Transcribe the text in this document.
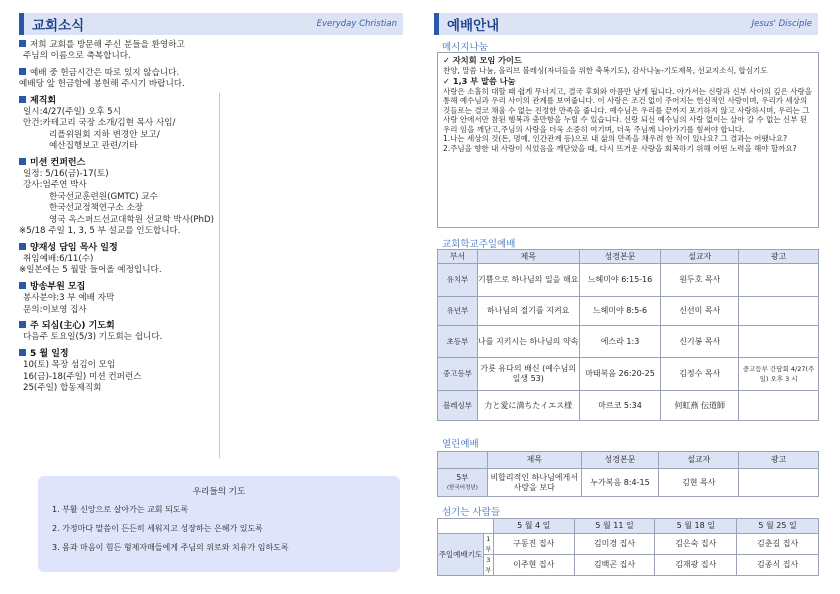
교회소식	Everyday Christian
저희 교회를 방문해 주신 분들을 환영하고
주님의 이름으로 축복합니다.
예배 중 헌금시간은 따로 있지 않습니다.
예배당 앞 헌금함에 봉헌해 주시기 바랍니다.
제직회
일시:4/27(주일) 오후 5시
안건:카테고리 국장 소개/김현 목사 사임/
리플위원회 지하 변경안 보고/
예산집행보고 관련/기타
미션 컨퍼런스
일정: 5/16(금)-17(토)
강사:엄주연 박사
한국선교훈련원(GMTC) 교수
한국선교정책연구소 소장
영국 옥스퍼드선교대학원 선교학 박사(PhD)
※5/18 주일 1, 3, 5 부 설교를 인도합니다.
양재성 담임 목사 일정
취임예배:6/11(수)
※일본에는 5 월말 들어올 예정입니다.
방송부원 모집
봉사분야:3 부 예배 자막
문의:이보영 집사
주 되심(主心) 기도회
다음주 토요일(5/3) 기도회는 쉽니다.
5 월 일정
10(토) 목장 섬김이 모임
16(금)-18(주일) 미션 컨퍼런스
25(주일) 합동제직회
우리들의 기도
1. 부활 신앙으로 살아가는 교회 되도록
2. 가정마다 말씀이 든든히 세워지고 성장하는 은혜가 있도록
3. 몸과 마음이 힘든 형제자매들에게 주님의 위로와 치유가 임하도록
예배안내	Jesus' Disciple
메시지나눔
✓ 자치회 모임 가이드
찬양, 말씀 나눔, 올리브 블레싱(자녀들을 위한 축복기도), 감사나눔-기도제목, 선교지소식, 합심기도
✓ 1,3 부 말씀 나눔
사랑은 소홀히 대할 때 쉽게 무너지고, 결국 후회와 아픔만 남게 됩니다. 아가서는 신랑과 신부 사이의 깊은 사랑을 통해 예수님과 우리 사이의 관계를 보여줍니다. 이 사랑은 조건 없이 주어지는 헌신적인 사랑이며, 우리가 세상의 것들로는 결코 채울 수 없는 진정한 만족을 줍니다. 예수님은 우리를 끝까지 포기하지 않고 사랑하시며, 우리는 그 사랑 안에서만 참된 행복과 충만함을 누릴 수 있습니다. 신랑 되신 예수님의 사랑 없이는 살아 갈 수 없는 신부 된 우리 임을 깨닫고,주님의 사랑을 더욱 소중히 여기며, 더욱 주님께 나아가기를 힘써야 합니다.
1.나는 세상의 것(돈, 명예, 인간관계 등)으로 내 삶의 만족을 채우려 한 적이 있나요? 그 결과는 어땠나요?
2.주님을 향한 내 사랑이 식었음을 깨닫았을 때, 다시 뜨거운 사랑을 회복하기 위해 어떤 노력을 해야 할까요?
교회학교주일예배
부서	제목	성경본문	설교자	광고
유치부	기쁨으로 하나님의 일을 해요	느헤미야 6:15-16	원두호 목사	
유년부	하나님의 절기를 지켜요	느헤미야 8:5-6	신선미 목사	
초등부	나를 지키시는 하나님의 약속	에스라 1:3	신기봉 목사	
중고등부	가룟 유다의 배신 (예수님의 일생 53)	마태복음 26:20-25	김정수 목사	중고등부 간담회 4/27(주일) 오후 3 시
블레싱부	力と愛に満ちたイエス様	마르코 5:34	何虹燕 伝道師	
열린예배
	제목	성경본문	설교자	광고

5부
(한국어정년)	비합리적인 하나님에게서 사랑을 보다	누가복음 8:4-15	김현 목사	
섬기는 사람들
		5 월 4 일	5 월 11 일	5 월 18 일	5 월 25 일
주일예배기도	1부	구동진 집사	김미경 집사	김은숙 집사	김춘길 집사
	3부	이주현 집사	김백곤 집사	김재광 집사	김종식 집사
